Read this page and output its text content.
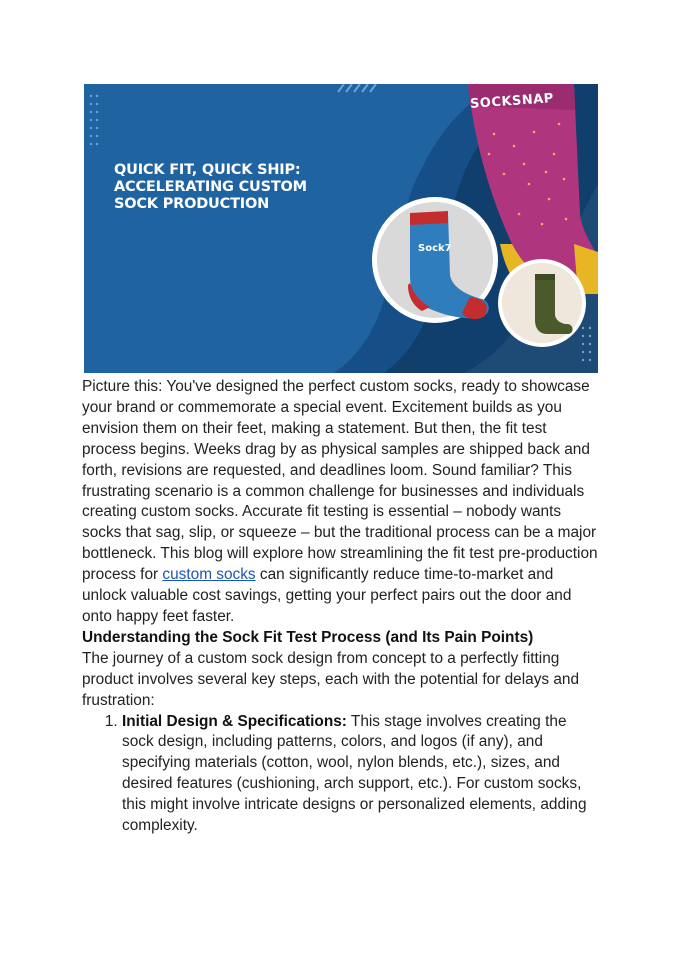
QUICK FIT, QUICK SHIP:
ACCELERATING CUSTOM
SOCK PRODUCTION
SOCKSNAP
Sock7

Picture this: You've designed the perfect custom socks, ready to showcase your brand or commemorate a special event. Excitement builds as you envision them on their feet, making a statement. But then, the fit test process begins. Weeks drag by as physical samples are shipped back and forth, revisions are requested, and deadlines loom. Sound familiar? This frustrating scenario is a common challenge for businesses and individuals creating custom socks. Accurate fit testing is essential – nobody wants socks that sag, slip, or squeeze – but the traditional process can be a major bottleneck. This blog will explore how streamlining the fit test pre-production process for custom socks can significantly reduce time-to-market and unlock valuable cost savings, getting your perfect pairs out the door and onto happy feet faster.

Understanding the Sock Fit Test Process (and Its Pain Points)

The journey of a custom sock design from concept to a perfectly fitting product involves several key steps, each with the potential for delays and frustration:

1. Initial Design & Specifications: This stage involves creating the sock design, including patterns, colors, and logos (if any), and specifying materials (cotton, wool, nylon blends, etc.), sizes, and desired features (cushioning, arch support, etc.). For custom socks, this might involve intricate designs or personalized elements, adding complexity.
